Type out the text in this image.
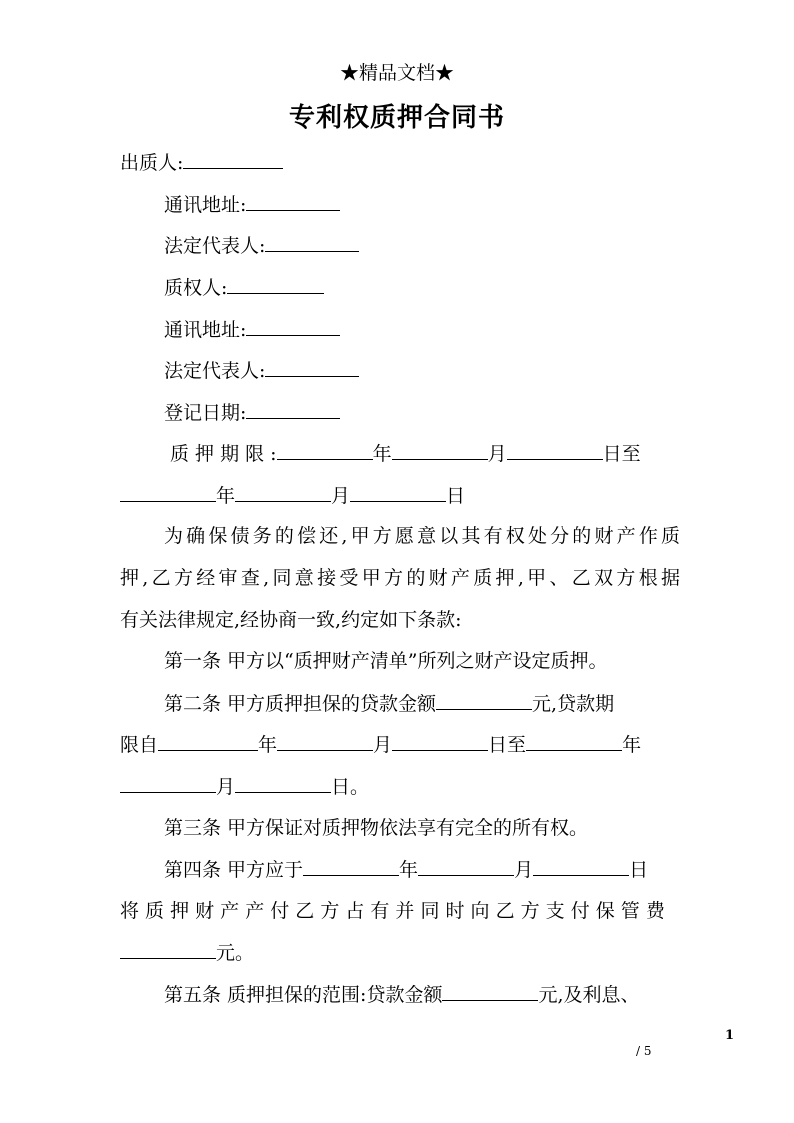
★精品文档★
专利权质押合同书
出质人:
通讯地址:
法定代表人:
质权人:
通讯地址:
法定代表人:
登记日期:
质 押 期 限 :	年	月	日至
年	月	日
为确保债务的偿还,甲方愿意以其有权处分的财产作质
押,乙方经审查,同意接受甲方的财产质押,甲、乙双方根据
有关法律规定,经协商一致,约定如下条款:
第一条 甲方以“质押财产清单”所列之财产设定质押。
第二条 甲方质押担保的贷款金额	元,贷款期
限自	年	月	日至	年
月	日。
第三条 甲方保证对质押物依法享有完全的所有权。
第四条 甲方应于	年	月	日
将 质 押 财 产 产 付 乙 方 占 有 并 同 时 向 乙 方 支 付 保 管 费
元。
第五条 质押担保的范围:贷款金额	元,及利息、
1
/ 5
